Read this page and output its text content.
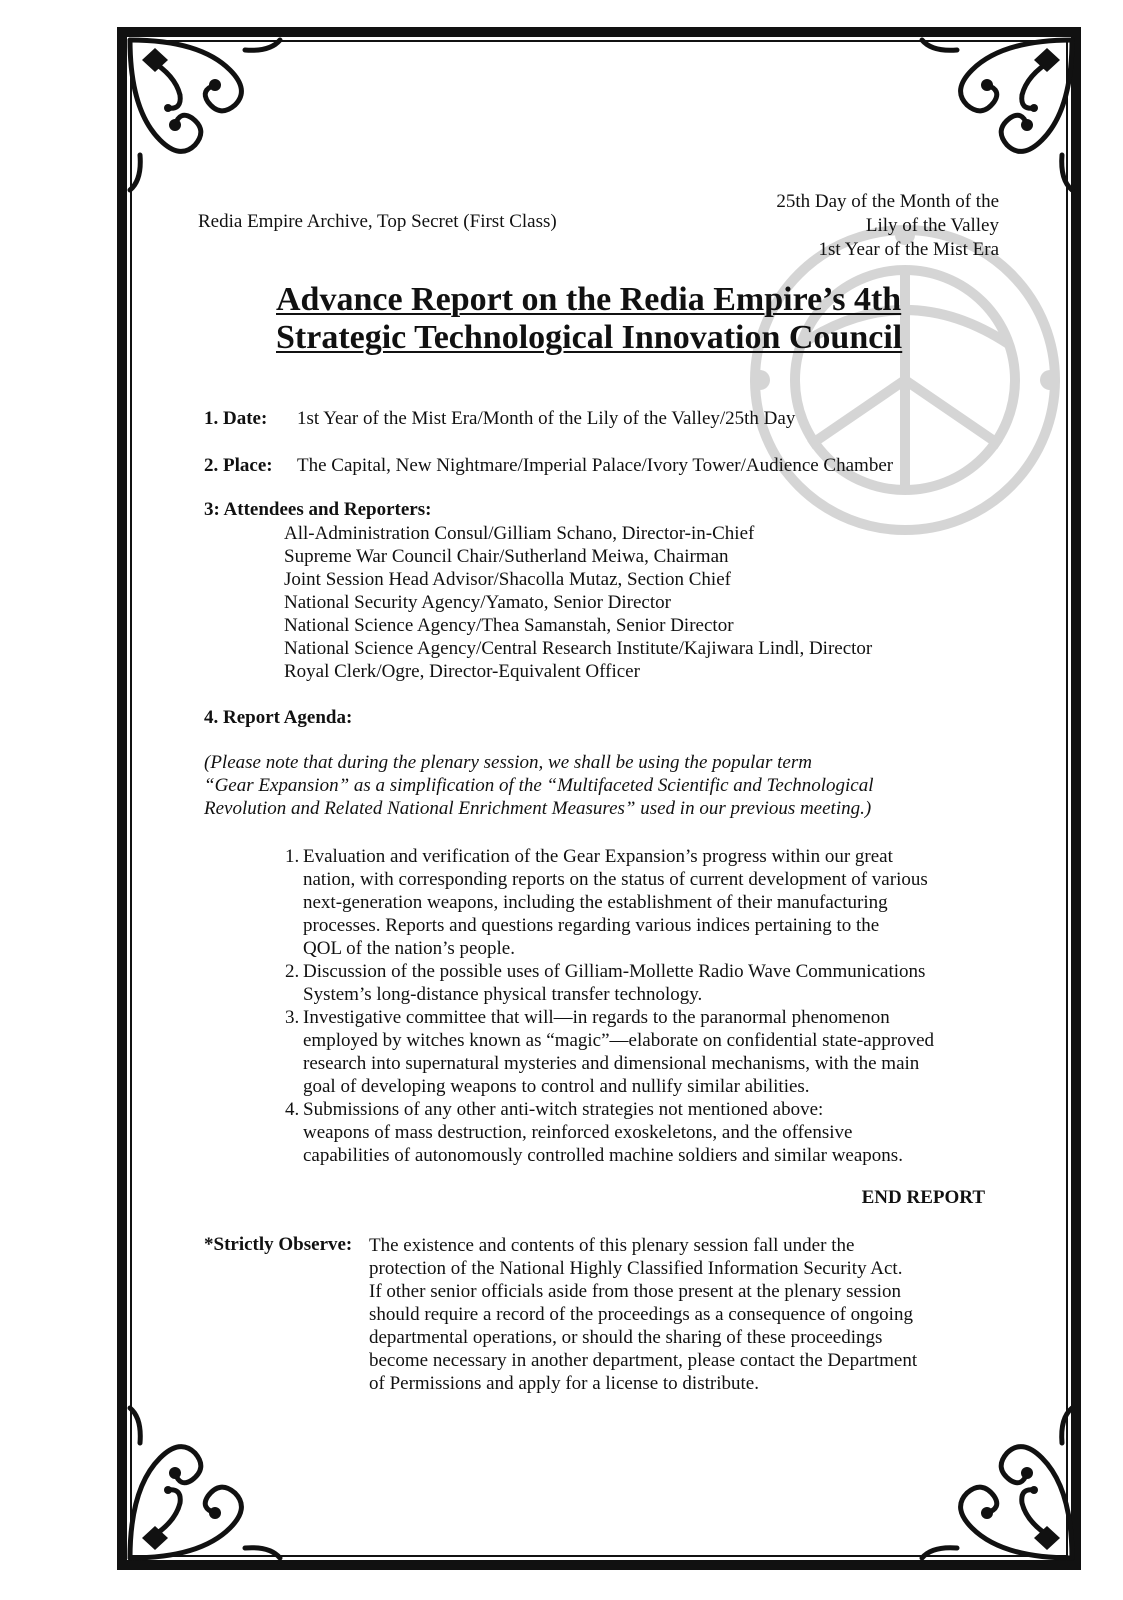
Redia Empire Archive, Top Secret (First Class)
25th Day of the Month of the
Lily of the Valley
1st Year of the Mist Era
Advance Report on the Redia Empire’s 4th
Strategic Technological Innovation Council
1. Date: 1st Year of the Mist Era/Month of the Lily of the Valley/25th Day
2. Place: The Capital, New Nightmare/Imperial Palace/Ivory Tower/Audience Chamber
3: Attendees and Reporters:
All-Administration Consul/Gilliam Schano, Director-in-Chief
Supreme War Council Chair/Sutherland Meiwa, Chairman
Joint Session Head Advisor/Shacolla Mutaz, Section Chief
National Security Agency/Yamato, Senior Director
National Science Agency/Thea Samanstah, Senior Director
National Science Agency/Central Research Institute/Kajiwara Lindl, Director
Royal Clerk/Ogre, Director-Equivalent Officer
4. Report Agenda:
(Please note that during the plenary session, we shall be using the popular term
“Gear Expansion” as a simplification of the “Multifaceted Scientific and Technological
Revolution and Related National Enrichment Measures” used in our previous meeting.)
1. Evaluation and verification of the Gear Expansion’s progress within our great
nation, with corresponding reports on the status of current development of various
next-generation weapons, including the establishment of their manufacturing
processes. Reports and questions regarding various indices pertaining to the
QOL of the nation’s people.
2. Discussion of the possible uses of Gilliam-Mollette Radio Wave Communications
System’s long-distance physical transfer technology.
3. Investigative committee that will—in regards to the paranormal phenomenon
employed by witches known as “magic”—elaborate on confidential state-approved
research into supernatural mysteries and dimensional mechanisms, with the main
goal of developing weapons to control and nullify similar abilities.
4. Submissions of any other anti-witch strategies not mentioned above:
weapons of mass destruction, reinforced exoskeletons, and the offensive
capabilities of autonomously controlled machine soldiers and similar weapons.
END REPORT
*Strictly Observe: The existence and contents of this plenary session fall under the
protection of the National Highly Classified Information Security Act.
If other senior officials aside from those present at the plenary session
should require a record of the proceedings as a consequence of ongoing
departmental operations, or should the sharing of these proceedings
become necessary in another department, please contact the Department
of Permissions and apply for a license to distribute.
